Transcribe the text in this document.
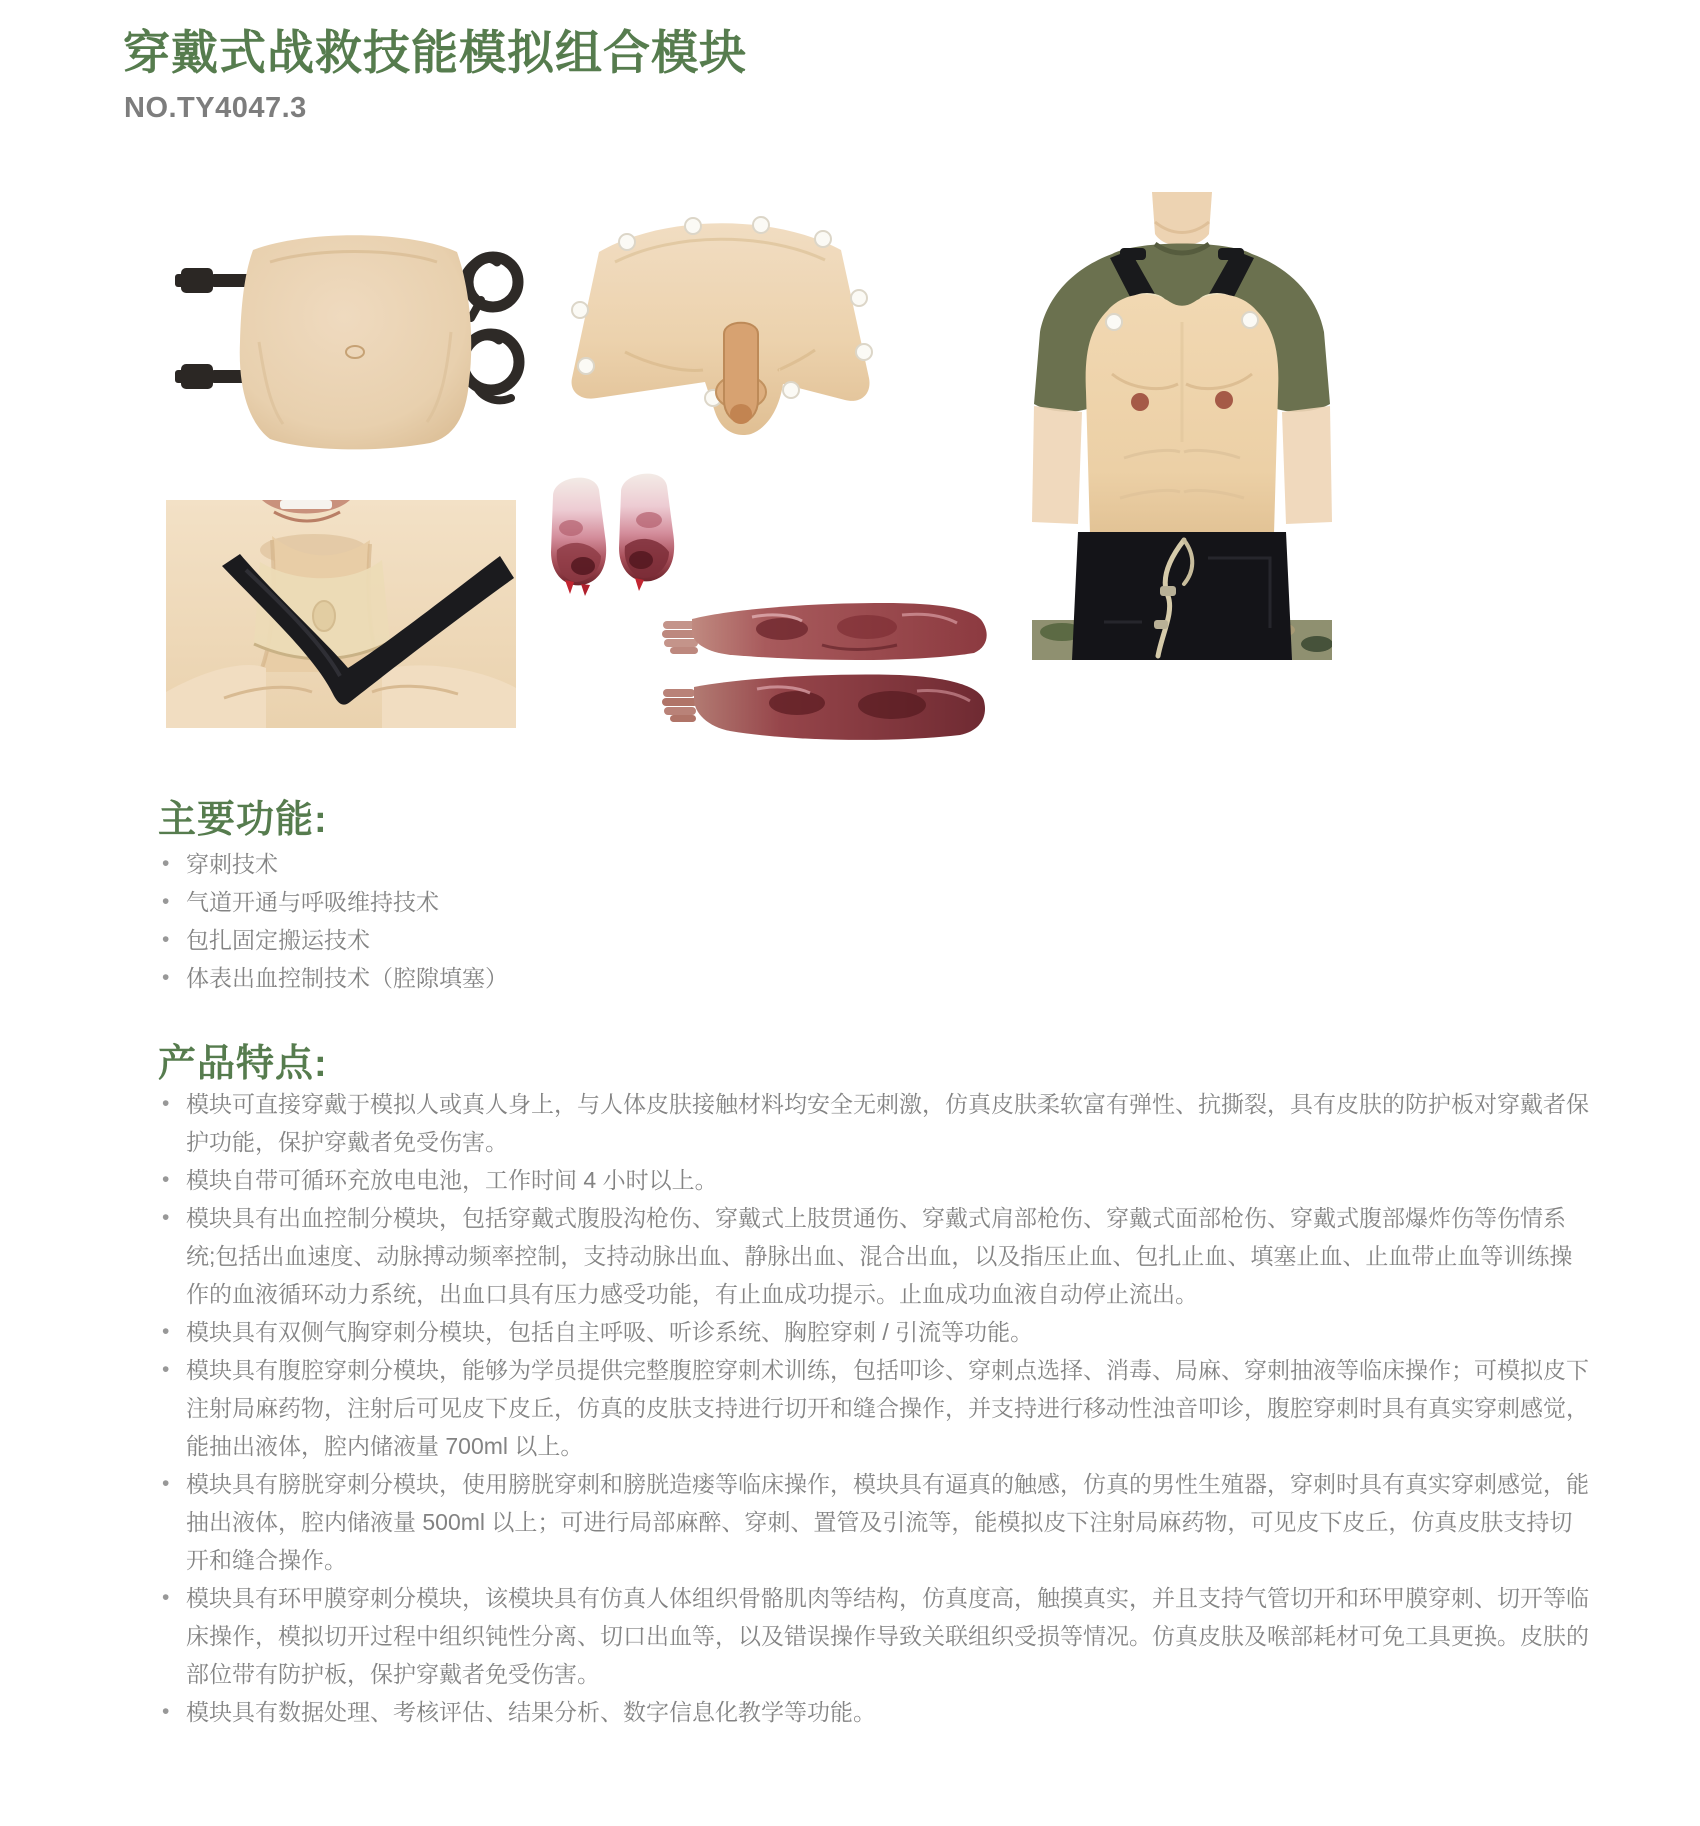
穿戴式战救技能模拟组合模块
NO.TY4047.3
主要功能:
• 穿刺技术
• 气道开通与呼吸维持技术
• 包扎固定搬运技术
• 体表出血控制技术（腔隙填塞）
产品特点:
• 模块可直接穿戴于模拟人或真人身上，与人体皮肤接触材料均安全无刺激，仿真皮肤柔软富有弹性、抗撕裂，具有皮肤的防护板对穿戴者保护功能，保护穿戴者免受伤害。
• 模块自带可循环充放电电池，工作时间 4 小时以上。
• 模块具有出血控制分模块，包括穿戴式腹股沟枪伤、穿戴式上肢贯通伤、穿戴式肩部枪伤、穿戴式面部枪伤、穿戴式腹部爆炸伤等伤情系统;包括出血速度、动脉搏动频率控制，支持动脉出血、静脉出血、混合出血，以及指压止血、包扎止血、填塞止血、止血带止血等训练操作的血液循环动力系统，出血口具有压力感受功能，有止血成功提示。止血成功血液自动停止流出。
• 模块具有双侧气胸穿刺分模块，包括自主呼吸、听诊系统、胸腔穿刺 / 引流等功能。
• 模块具有腹腔穿刺分模块，能够为学员提供完整腹腔穿刺术训练，包括叩诊、穿刺点选择、消毒、局麻、穿刺抽液等临床操作；可模拟皮下注射局麻药物，注射后可见皮下皮丘，仿真的皮肤支持进行切开和缝合操作，并支持进行移动性浊音叩诊，腹腔穿刺时具有真实穿刺感觉，能抽出液体，腔内储液量 700ml 以上。
• 模块具有膀胱穿刺分模块，使用膀胱穿刺和膀胱造瘘等临床操作，模块具有逼真的触感，仿真的男性生殖器，穿刺时具有真实穿刺感觉，能抽出液体，腔内储液量 500ml 以上；可进行局部麻醉、穿刺、置管及引流等，能模拟皮下注射局麻药物，可见皮下皮丘，仿真皮肤支持切开和缝合操作。
• 模块具有环甲膜穿刺分模块，该模块具有仿真人体组织骨骼肌肉等结构，仿真度高，触摸真实，并且支持气管切开和环甲膜穿刺、切开等临床操作，模拟切开过程中组织钝性分离、切口出血等，以及错误操作导致关联组织受损等情况。仿真皮肤及喉部耗材可免工具更换。皮肤的部位带有防护板，保护穿戴者免受伤害。
• 模块具有数据处理、考核评估、结果分析、数字信息化教学等功能。
